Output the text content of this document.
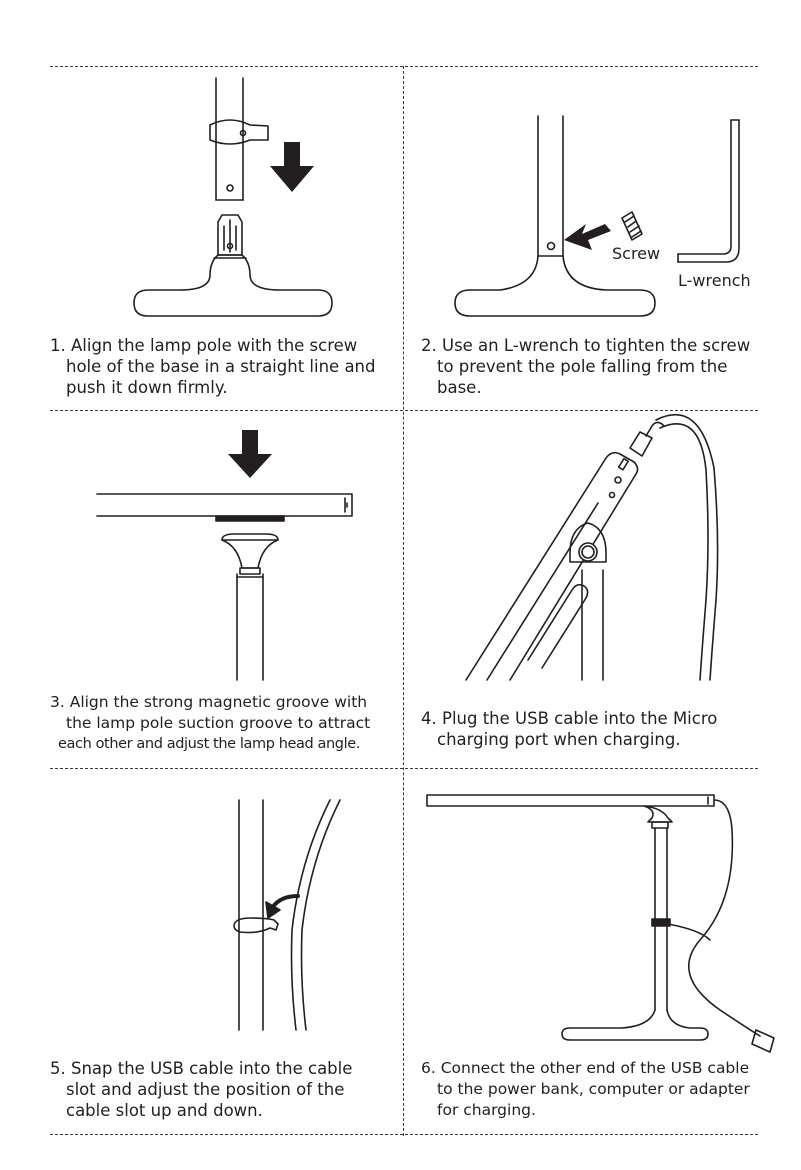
Screw
L-wrench
1. Align the lamp pole with the screw
hole of the base in a straight line and
push it down firmly.
2. Use an L-wrench to tighten the screw
to prevent the pole falling from the
base.
3. Align the strong magnetic groove with
the lamp pole suction groove to attract
each other and adjust the lamp head angle.
4. Plug the USB cable into the Micro
charging port when charging.
5. Snap the USB cable into the cable
slot and adjust the position of the
cable slot up and down.
6. Connect the other end of the USB cable
to the power bank, computer or adapter
for charging.
